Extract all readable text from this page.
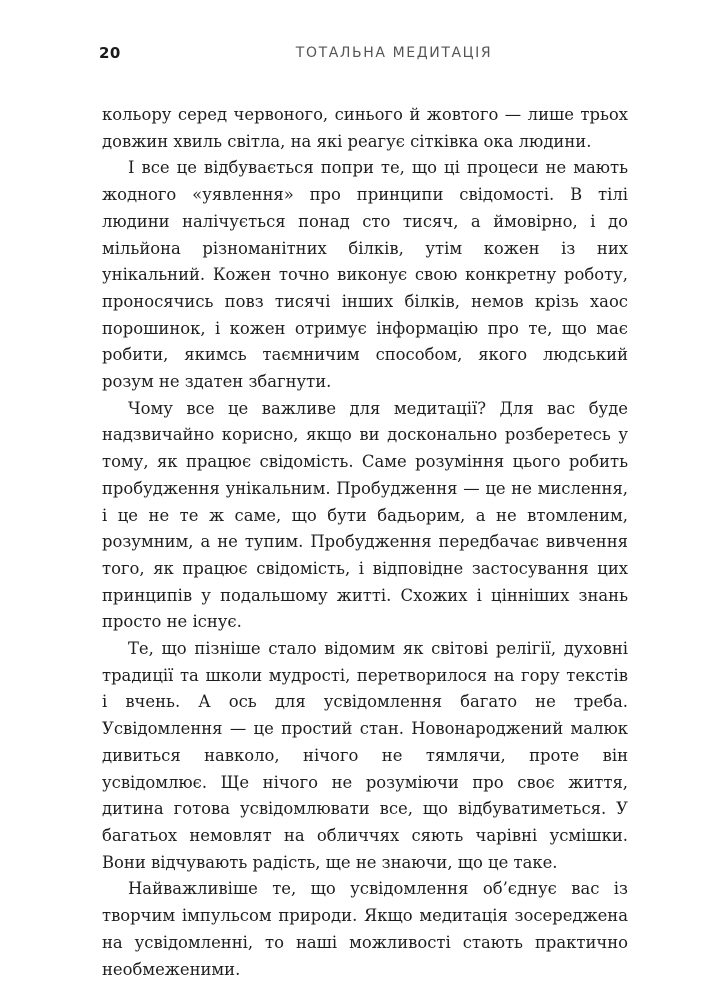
20	ТОТАЛЬНА МЕДИТАЦІЯ

кольору серед червоного, синього й жовтого — лише трьох довжин хвиль світла, на які реагує сітківка ока людини.

І все це відбувається попри те, що ці процеси не мають жодного «уявлення» про принципи свідомості. В тілі людини налічується понад сто тисяч, а ймовірно, і до мільйона різноманітних білків, утім кожен із них унікальний. Кожен точно виконує свою конкретну роботу, проносячись повз тисячі інших білків, немов крізь хаос порошинок, і кожен отримує інформацію про те, що має робити, якимсь таємничим способом, якого людський розум не здатен збагнути.

Чому все це важливе для медитації? Для вас буде надзвичайно корисно, якщо ви досконально розберетесь у тому, як працює свідомість. Саме розуміння цього робить пробудження унікальним. Пробудження — це не мислення, і це не те ж саме, що бути бадьорим, а не втомленим, розумним, а не тупим. Пробудження передбачає вивчення того, як працює свідомість, і відповідне застосування цих принципів у подальшому житті. Схожих і цінніших знань просто не існує.

Те, що пізніше стало відомим як світові релігії, духовні традиції та школи мудрості, перетворилося на гору текстів і вчень. А ось для усвідомлення багато не треба. Усвідомлення — це простий стан. Новонароджений малюк дивиться навколо, нічого не тямлячи, проте він усвідомлює. Ще нічого не розуміючи про своє життя, дитина готова усвідомлювати все, що відбуватиметься. У багатьох немовлят на обличчях сяють чарівні усмішки. Вони відчувають радість, ще не знаючи, що це таке.

Найважливіше те, що усвідомлення об’єднує вас із творчим імпульсом природи. Якщо медитація зосереджена на усвідомленні, то наші можливості стають практично необмеженими.
